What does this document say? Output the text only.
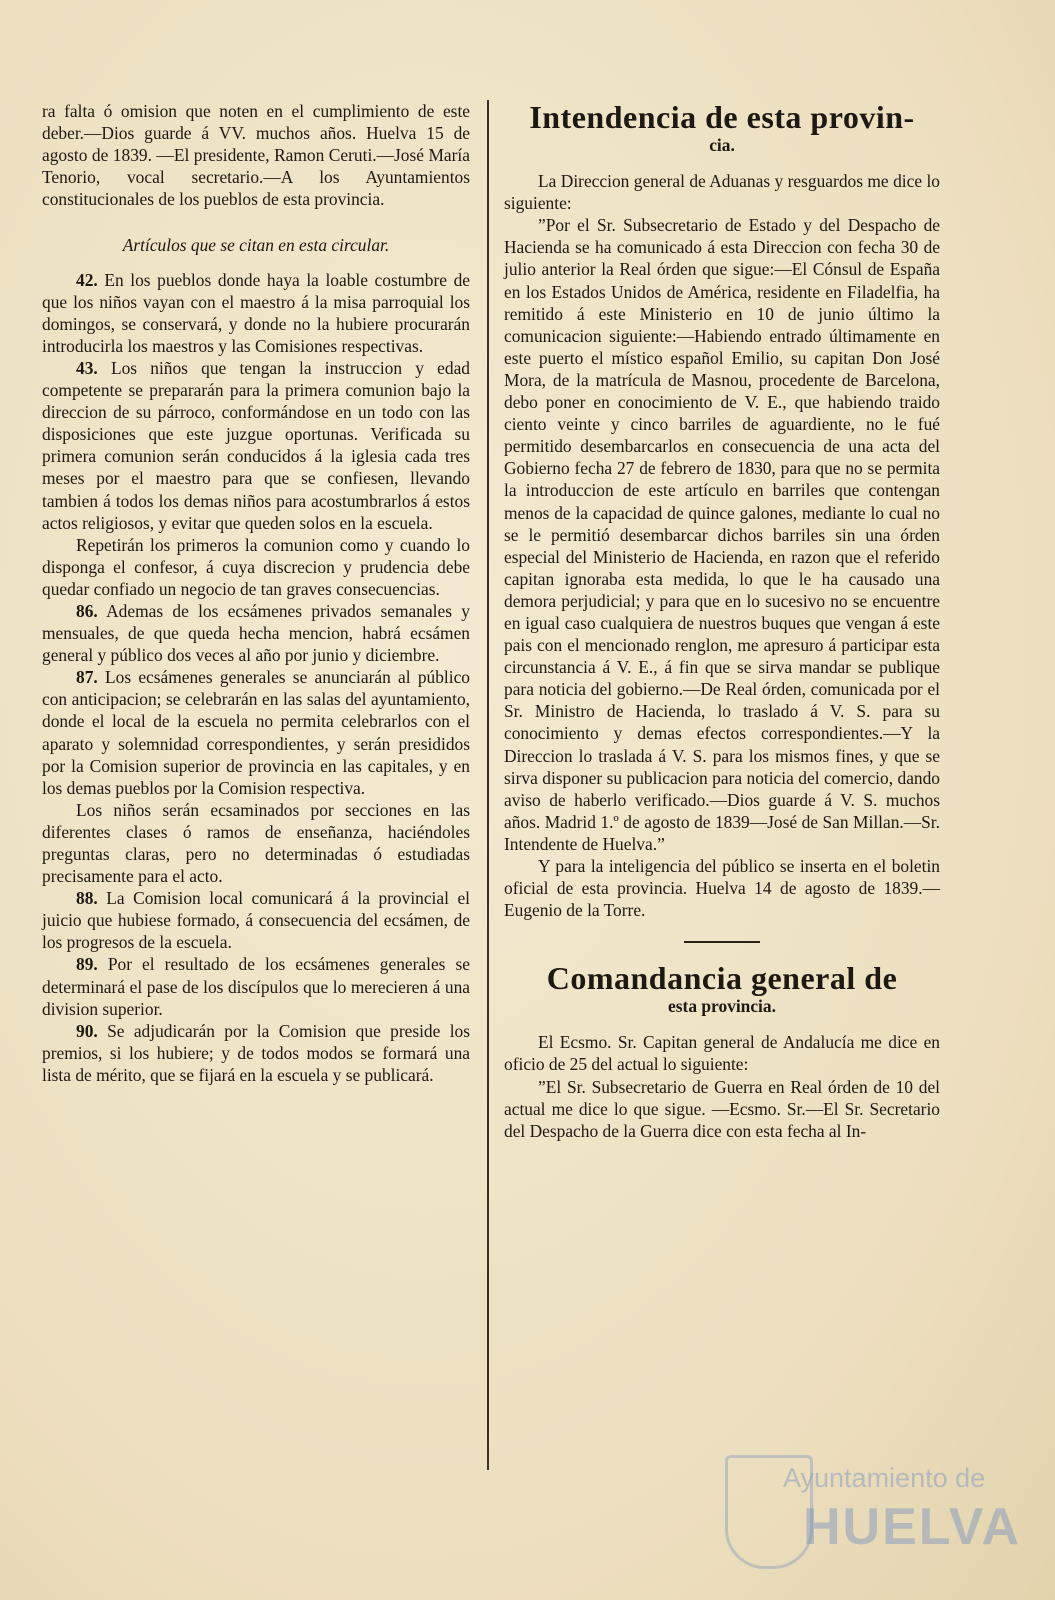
ra falta ó omision que noten en el cumplimiento de este deber.—Dios guarde á VV. muchos años. Huelva 15 de agosto de 1839. —El presidente, Ramon Ceruti.—José María Tenorio, vocal secretario.—A los Ayuntamientos constitucionales de los pueblos de esta provincia.

Artículos que se citan en esta circular.

42. En los pueblos donde haya la loable costumbre de que los niños vayan con el maestro á la misa parroquial los domingos, se conservará, y donde no la hubiere procurarán introducirla los maestros y las Comisiones respectivas.

43. Los niños que tengan la instruccion y edad competente se prepararán para la primera comunion bajo la direccion de su párroco, conformándose en un todo con las disposiciones que este juzgue oportunas. Verificada su primera comunion serán conducidos á la iglesia cada tres meses por el maestro para que se confiesen, llevando tambien á todos los demas niños para acostumbrarlos á estos actos religiosos, y evitar que queden solos en la escuela.

Repetirán los primeros la comunion como y cuando lo disponga el confesor, á cuya discrecion y prudencia debe quedar confiado un negocio de tan graves consecuencias.

86. Ademas de los ecsámenes privados semanales y mensuales, de que queda hecha mencion, habrá ecsámen general y público dos veces al año por junio y diciembre.

87. Los ecsámenes generales se anunciarán al público con anticipacion; se celebrarán en las salas del ayuntamiento, donde el local de la escuela no permita celebrarlos con el aparato y solemnidad correspondientes, y serán presididos por la Comision superior de provincia en las capitales, y en los demas pueblos por la Comision respectiva.

Los niños serán ecsaminados por secciones en las diferentes clases ó ramos de enseñanza, haciéndoles preguntas claras, pero no determinadas ó estudiadas precisamente para el acto.

88. La Comision local comunicará á la provincial el juicio que hubiese formado, á consecuencia del ecsámen, de los progresos de la escuela.

89. Por el resultado de los ecsámenes generales se determinará el pase de los discípulos que lo merecieren á una division superior.

90. Se adjudicarán por la Comision que preside los premios, si los hubiere; y de todos modos se formará una lista de mérito, que se fijará en la escuela y se publicará.

Intendencia de esta provin-

cia.

La Direccion general de Aduanas y resguardos me dice lo siguiente:

”Por el Sr. Subsecretario de Estado y del Despacho de Hacienda se ha comunicado á esta Direccion con fecha 30 de julio anterior la Real órden que sigue:—El Cónsul de España en los Estados Unidos de América, residente en Filadelfia, ha remitido á este Ministerio en 10 de junio último la comunicacion siguiente:—Habiendo entrado últimamente en este puerto el místico español Emilio, su capitan Don José Mora, de la matrícula de Masnou, procedente de Barcelona, debo poner en conocimiento de V. E., que habiendo traido ciento veinte y cinco barriles de aguardiente, no le fué permitido desembarcarlos en consecuencia de una acta del Gobierno fecha 27 de febrero de 1830, para que no se permita la introduccion de este artículo en barriles que contengan menos de la capacidad de quince galones, mediante lo cual no se le permitió desembarcar dichos barriles sin una órden especial del Ministerio de Hacienda, en razon que el referido capitan ignoraba esta medida, lo que le ha causado una demora perjudicial; y para que en lo sucesivo no se encuentre en igual caso cualquiera de nuestros buques que vengan á este pais con el mencionado renglon, me apresuro á participar esta circunstancia á V. E., á fin que se sirva mandar se publique para noticia del gobierno.—De Real órden, comunicada por el Sr. Ministro de Hacienda, lo traslado á V. S. para su conocimiento y demas efectos correspondientes.—Y la Direccion lo traslada á V. S. para los mismos fines, y que se sirva disponer su publicacion para noticia del comercio, dando aviso de haberlo verificado.—Dios guarde á V. S. muchos años. Madrid 1.º de agosto de 1839—José de San Millan.—Sr. Intendente de Huelva.”

Y para la inteligencia del público se inserta en el boletin oficial de esta provincia. Huelva 14 de agosto de 1839.—Eugenio de la Torre.

Comandancia general de

esta provincia.

El Ecsmo. Sr. Capitan general de Andalucía me dice en oficio de 25 del actual lo siguiente:

”El Sr. Subsecretario de Guerra en Real órden de 10 del actual me dice lo que sigue. —Ecsmo. Sr.—El Sr. Secretario del Despacho de la Guerra dice con esta fecha al In-

Ayuntamiento de
HUELVA
